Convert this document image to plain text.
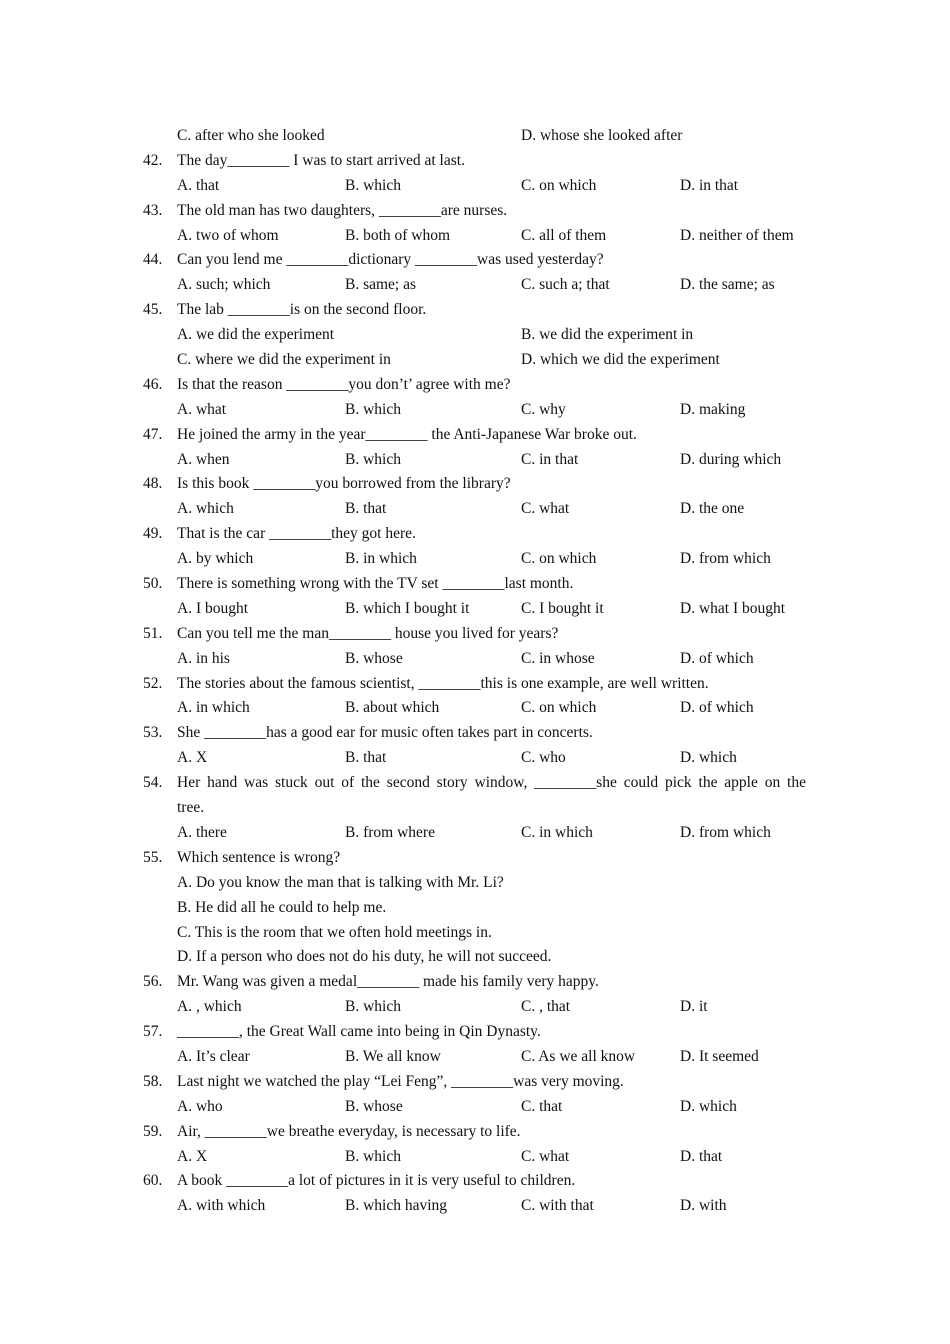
C. after who she looked	D. whose she looked after
42. The day________ I was to start arrived at last.
A. that	B. which	C. on which	D. in that
43. The old man has two daughters, ________are nurses.
A. two of whom	B. both of whom	C. all of them	D. neither of them
44. Can you lend me ________dictionary ________was used yesterday?
A. such; which	B. same; as	C. such a; that	D. the same; as
45. The lab ________is on the second floor.
A. we did the experiment	B. we did the experiment in
C. where we did the experiment in	D. which we did the experiment
46. Is that the reason ________you don’t’ agree with me?
A. what	B. which	C. why	D. making
47. He joined the army in the year________ the Anti-Japanese War broke out.
A. when	B. which	C. in that	D. during which
48. Is this book ________you borrowed from the library?
A. which	B. that	C. what	D. the one
49. That is the car ________they got here.
A. by which	B. in which	C. on which	D. from which
50. There is something wrong with the TV set ________last month.
A. I bought	B. which I bought it	C. I bought it	D. what I bought
51. Can you tell me the man________ house you lived for years?
A. in his	B. whose	C. in whose	D. of which
52. The stories about the famous scientist, ________this is one example, are well written.
A. in which	B. about which	C. on which	D. of which
53. She ________has a good ear for music often takes part in concerts.
A. X	B. that	C. who	D. which
54. Her hand was stuck out of the second story window, ________she could pick the apple on the
tree.
A. there	B. from where	C. in which	D. from which
55. Which sentence is wrong?
A. Do you know the man that is talking with Mr. Li?
B. He did all he could to help me.
C. This is the room that we often hold meetings in.
D. If a person who does not do his duty, he will not succeed.
56. Mr. Wang was given a medal________ made his family very happy.
A. , which	B. which	C. , that	D. it
57. ________, the Great Wall came into being in Qin Dynasty.
A. It’s clear	B. We all know	C. As we all know	D. It seemed
58. Last night we watched the play “Lei Feng”, ________was very moving.
A. who	B. whose	C. that	D. which
59. Air, ________we breathe everyday, is necessary to life.
A. X	B. which	C. what	D. that
60. A book ________a lot of pictures in it is very useful to children.
A. with which	B. which having	C. with that	D. with
